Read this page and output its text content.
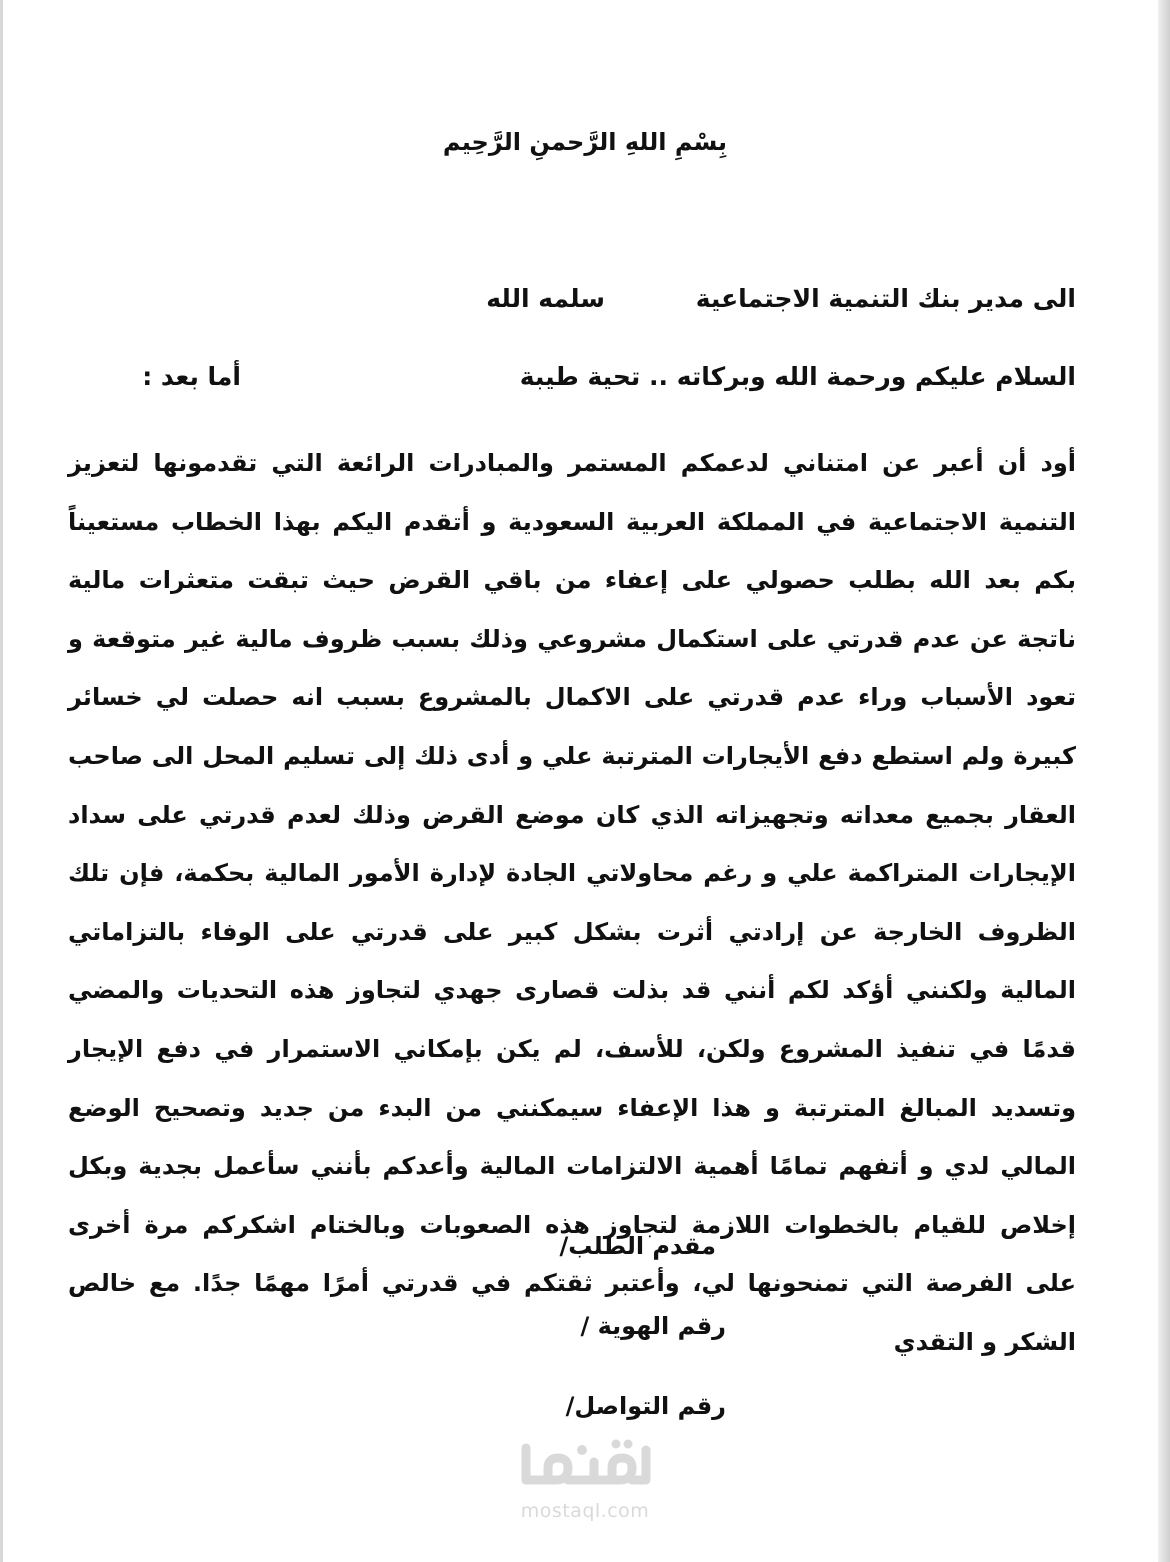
بِسْمِ اللهِ الرَّحمنِ الرَّحِيم
الى مدير بنك التنمية الاجتماعية سلمه الله
السلام عليكم ورحمة الله وبركاته .. تحية طيبة أما بعد :

أود أن أعبر عن امتناني لدعمكم المستمر والمبادرات الرائعة التي تقدمونها لتعزيز التنمية الاجتماعية في المملكة العربية السعودية و أتقدم اليكم بهذا الخطاب مستعيناً بكم بعد الله بطلب حصولي على إعفاء من باقي القرض حيث تبقت متعثرات مالية ناتجة عن عدم قدرتي على استكمال مشروعي وذلك بسبب ظروف مالية غير متوقعة و تعود الأسباب وراء عدم قدرتي على الاكمال بالمشروع بسبب انه حصلت لي خسائر كبيرة ولم استطع دفع الأيجارات المترتبة علي و أدى ذلك إلى تسليم المحل الى صاحب العقار بجميع معداته وتجهيزاته الذي كان موضع القرض وذلك لعدم قدرتي على سداد الإيجارات المتراكمة علي و رغم محاولاتي الجادة لإدارة الأمور المالية بحكمة، فإن تلك الظروف الخارجة عن إرادتي أثرت بشكل كبير على قدرتي على الوفاء بالتزاماتي المالية ولكنني أؤكد لكم أنني قد بذلت قصارى جهدي لتجاوز هذه التحديات والمضي قدمًا في تنفيذ المشروع ولكن، للأسف، لم يكن بإمكاني الاستمرار في دفع الإيجار وتسديد المبالغ المترتبة و هذا الإعفاء سيمكنني من البدء من جديد وتصحيح الوضع المالي لدي و أتفهم تمامًا أهمية الالتزامات المالية وأعدكم بأنني سأعمل بجدية وبكل إخلاص للقيام بالخطوات اللازمة لتجاوز هذه الصعوبات وبالختام اشكركم مرة أخرى على الفرصة التي تمنحونها لي، وأعتبر ثقتكم في قدرتي أمرًا مهمًا جدًا. مع خالص الشكر و التقدي

مقدم الطلب/
رقم الهوية /
رقم التواصل/
mostaql.com
